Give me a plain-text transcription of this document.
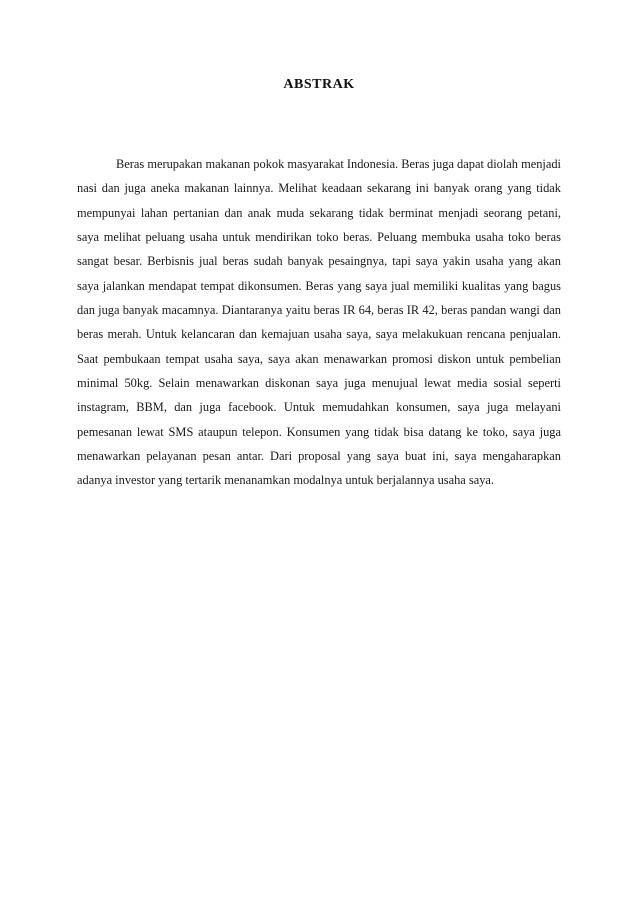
ABSTRAK

Beras merupakan makanan pokok masyarakat Indonesia. Beras juga dapat diolah menjadi nasi dan juga aneka makanan lainnya. Melihat keadaan sekarang ini banyak orang yang tidak mempunyai lahan pertanian dan anak muda sekarang tidak berminat menjadi seorang petani, saya melihat peluang usaha untuk mendirikan toko beras. Peluang membuka usaha toko beras sangat besar. Berbisnis jual beras sudah banyak pesaingnya, tapi saya yakin usaha yang akan saya jalankan mendapat tempat dikonsumen. Beras yang saya jual memiliki kualitas yang bagus dan juga banyak macamnya. Diantaranya yaitu beras IR 64, beras IR 42, beras pandan wangi dan beras merah. Untuk kelancaran dan kemajuan usaha saya, saya melakukuan rencana penjualan. Saat pembukaan tempat usaha saya, saya akan menawarkan promosi diskon untuk pembelian minimal 50kg. Selain menawarkan diskonan saya juga menujual lewat media sosial seperti instagram, BBM, dan juga facebook. Untuk memudahkan konsumen, saya juga melayani pemesanan lewat SMS ataupun telepon. Konsumen yang tidak bisa datang ke toko, saya juga menawarkan pelayanan pesan antar. Dari proposal yang saya buat ini, saya mengaharapkan adanya investor yang tertarik menanamkan modalnya untuk berjalannya usaha saya.
